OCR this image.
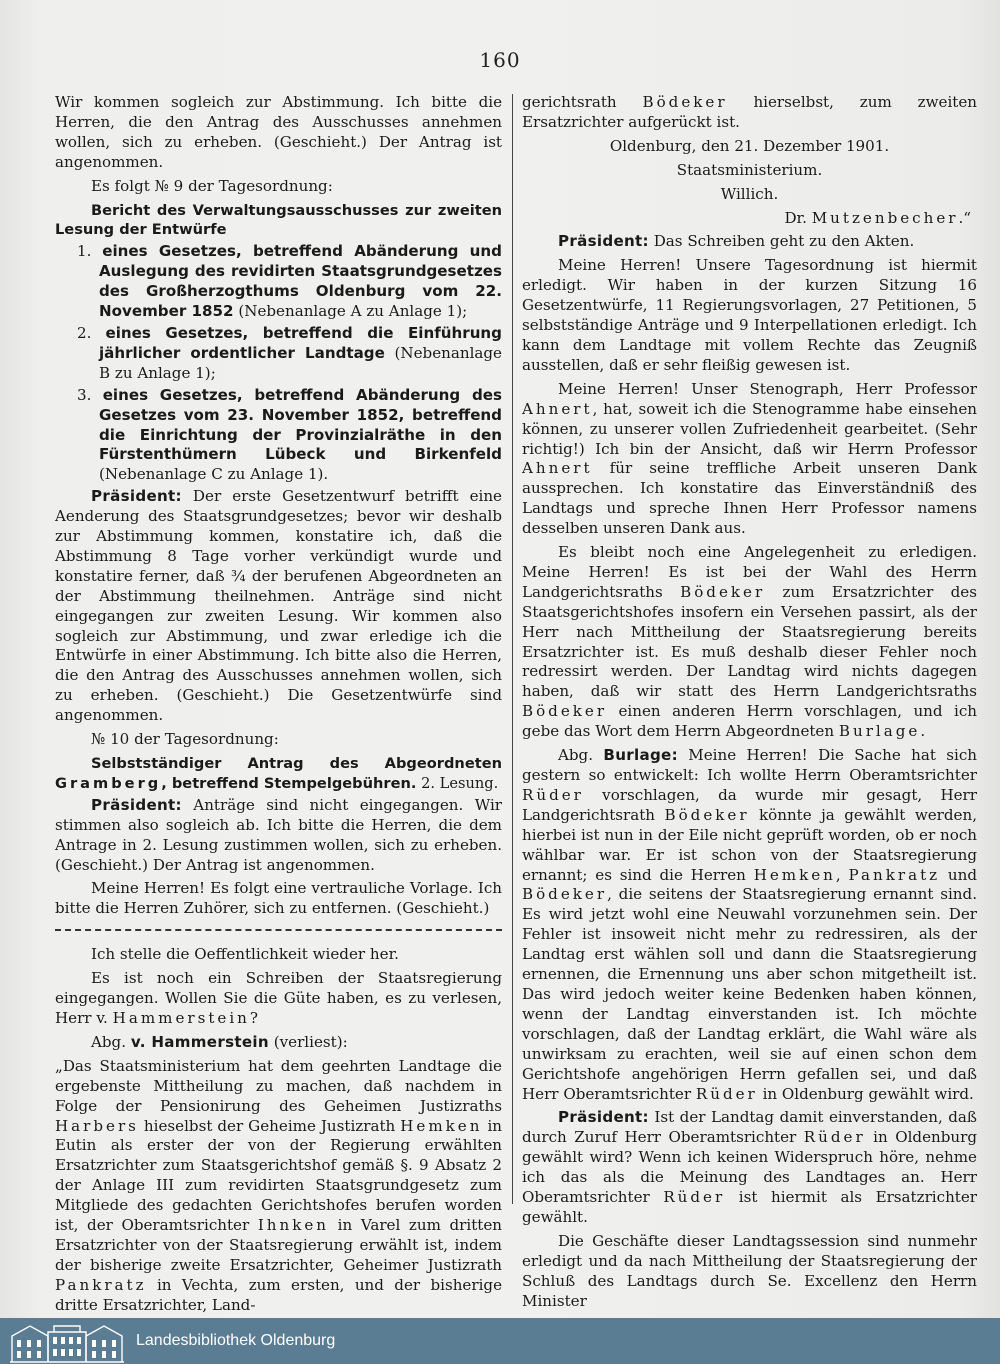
160

Wir kommen sogleich zur Abstimmung. Ich bitte die Herren, die den Antrag des Ausschusses annehmen wollen, sich zu erheben. (Geschieht.) Der Antrag ist angenommen.

Es folgt № 9 der Tagesordnung:

Bericht des Verwaltungsausschusses zur zweiten Lesung der Entwürfe
1. eines Gesetzes, betreffend Abänderung und Auslegung des revidirten Staatsgrundgesetzes des Großherzogthums Oldenburg vom 22. November 1852 (Nebenanlage A zu Anlage 1);
2. eines Gesetzes, betreffend die Einführung jährlicher ordentlicher Landtage (Nebenanlage B zu Anlage 1);
3. eines Gesetzes, betreffend Abänderung des Gesetzes vom 23. November 1852, betreffend die Einrichtung der Provinzialräthe in den Fürstenthümern Lübeck und Birkenfeld (Nebenanlage C zu Anlage 1).

Präsident: Der erste Gesetzentwurf betrifft eine Aenderung des Staatsgrundgesetzes; bevor wir deshalb zur Abstimmung kommen, konstatire ich, daß die Abstimmung 8 Tage vorher verkündigt wurde und konstatire ferner, daß ¾ der berufenen Abgeordneten an der Abstimmung theilnehmen. Anträge sind nicht eingegangen zur zweiten Lesung. Wir kommen also sogleich zur Abstimmung, und zwar erledige ich die Entwürfe in einer Abstimmung. Ich bitte also die Herren, die den Antrag des Ausschusses annehmen wollen, sich zu erheben. (Geschieht.) Die Gesetzentwürfe sind angenommen.

№ 10 der Tagesordnung:

Selbstständiger Antrag des Abgeordneten Gramberg, betreffend Stempelgebühren. 2. Lesung.

Präsident: Anträge sind nicht eingegangen. Wir stimmen also sogleich ab. Ich bitte die Herren, die dem Antrage in 2. Lesung zustimmen wollen, sich zu erheben. (Geschieht.) Der Antrag ist angenommen.

Meine Herren! Es folgt eine vertrauliche Vorlage. Ich bitte die Herren Zuhörer, sich zu entfernen. (Geschieht.)

Ich stelle die Oeffentlichkeit wieder her.

Es ist noch ein Schreiben der Staatsregierung eingegangen. Wollen Sie die Güte haben, es zu verlesen, Herr v. Hammerstein?

Abg. v. Hammerstein (verliest):

„Das Staatsministerium hat dem geehrten Landtage die ergebenste Mittheilung zu machen, daß nachdem in Folge der Pensionirung des Geheimen Justizraths Harbers hieselbst der Geheime Justizrath Hemken in Eutin als erster der von der Regierung erwählten Ersatzrichter zum Staatsgerichtshof gemäß §. 9 Absatz 2 der Anlage III zum revidirten Staatsgrundgesetz zum Mitgliede des gedachten Gerichtshofes berufen worden ist, der Oberamtsrichter Ihnken in Varel zum dritten Ersatzrichter von der Staatsregierung erwählt ist, indem der bisherige zweite Ersatzrichter, Geheimer Justizrath Pankratz in Vechta, zum ersten, und der bisherige dritte Ersatzrichter, Land-

gerichtsrath Bödeker hierselbst, zum zweiten Ersatzrichter aufgerückt ist.

Oldenburg, den 21. Dezember 1901.

Staatsministerium.

Willich.

Dr. Mutzenbecher.“

Präsident: Das Schreiben geht zu den Akten.

Meine Herren! Unsere Tagesordnung ist hiermit erledigt. Wir haben in der kurzen Sitzung 16 Gesetzentwürfe, 11 Regierungsvorlagen, 27 Petitionen, 5 selbstständige Anträge und 9 Interpellationen erledigt. Ich kann dem Landtage mit vollem Rechte das Zeugniß ausstellen, daß er sehr fleißig gewesen ist.

Meine Herren! Unser Stenograph, Herr Professor Ahnert, hat, soweit ich die Stenogramme habe einsehen können, zu unserer vollen Zufriedenheit gearbeitet. (Sehr richtig!) Ich bin der Ansicht, daß wir Herrn Professor Ahnert für seine treffliche Arbeit unseren Dank aussprechen. Ich konstatire das Einverständniß des Landtags und spreche Ihnen Herr Professor namens desselben unseren Dank aus.

Es bleibt noch eine Angelegenheit zu erledigen. Meine Herren! Es ist bei der Wahl des Herrn Landgerichtsraths Bödeker zum Ersatzrichter des Staatsgerichtshofes insofern ein Versehen passirt, als der Herr nach Mittheilung der Staatsregierung bereits Ersatzrichter ist. Es muß deshalb dieser Fehler noch redressirt werden. Der Landtag wird nichts dagegen haben, daß wir statt des Herrn Landgerichtsraths Bödeker einen anderen Herrn vorschlagen, und ich gebe das Wort dem Herrn Abgeordneten Burlage.

Abg. Burlage: Meine Herren! Die Sache hat sich gestern so entwickelt: Ich wollte Herrn Oberamtsrichter Rüder vorschlagen, da wurde mir gesagt, Herr Landgerichtsrath Bödeker könnte ja gewählt werden, hierbei ist nun in der Eile nicht geprüft worden, ob er noch wählbar war. Er ist schon von der Staatsregierung ernannt; es sind die Herren Hemken, Pankratz und Bödeker, die seitens der Staatsregierung ernannt sind. Es wird jetzt wohl eine Neuwahl vorzunehmen sein. Der Fehler ist insoweit nicht mehr zu redressiren, als der Landtag erst wählen soll und dann die Staatsregierung ernennen, die Ernennung uns aber schon mitgetheilt ist. Das wird jedoch weiter keine Bedenken haben können, wenn der Landtag einverstanden ist. Ich möchte vorschlagen, daß der Landtag erklärt, die Wahl wäre als unwirksam zu erachten, weil sie auf einen schon dem Gerichtshofe angehörigen Herrn gefallen sei, und daß Herr Oberamtsrichter Rüder in Oldenburg gewählt wird.

Präsident: Ist der Landtag damit einverstanden, daß durch Zuruf Herr Oberamtsrichter Rüder in Oldenburg gewählt wird? Wenn ich keinen Widerspruch höre, nehme ich das als die Meinung des Landtages an. Herr Oberamtsrichter Rüder ist hiermit als Ersatzrichter gewählt.

Die Geschäfte dieser Landtagssession sind nunmehr erledigt und da nach Mittheilung der Staatsregierung der Schluß des Landtags durch Se. Excellenz den Herrn Minister

Landesbibliothek Oldenburg
